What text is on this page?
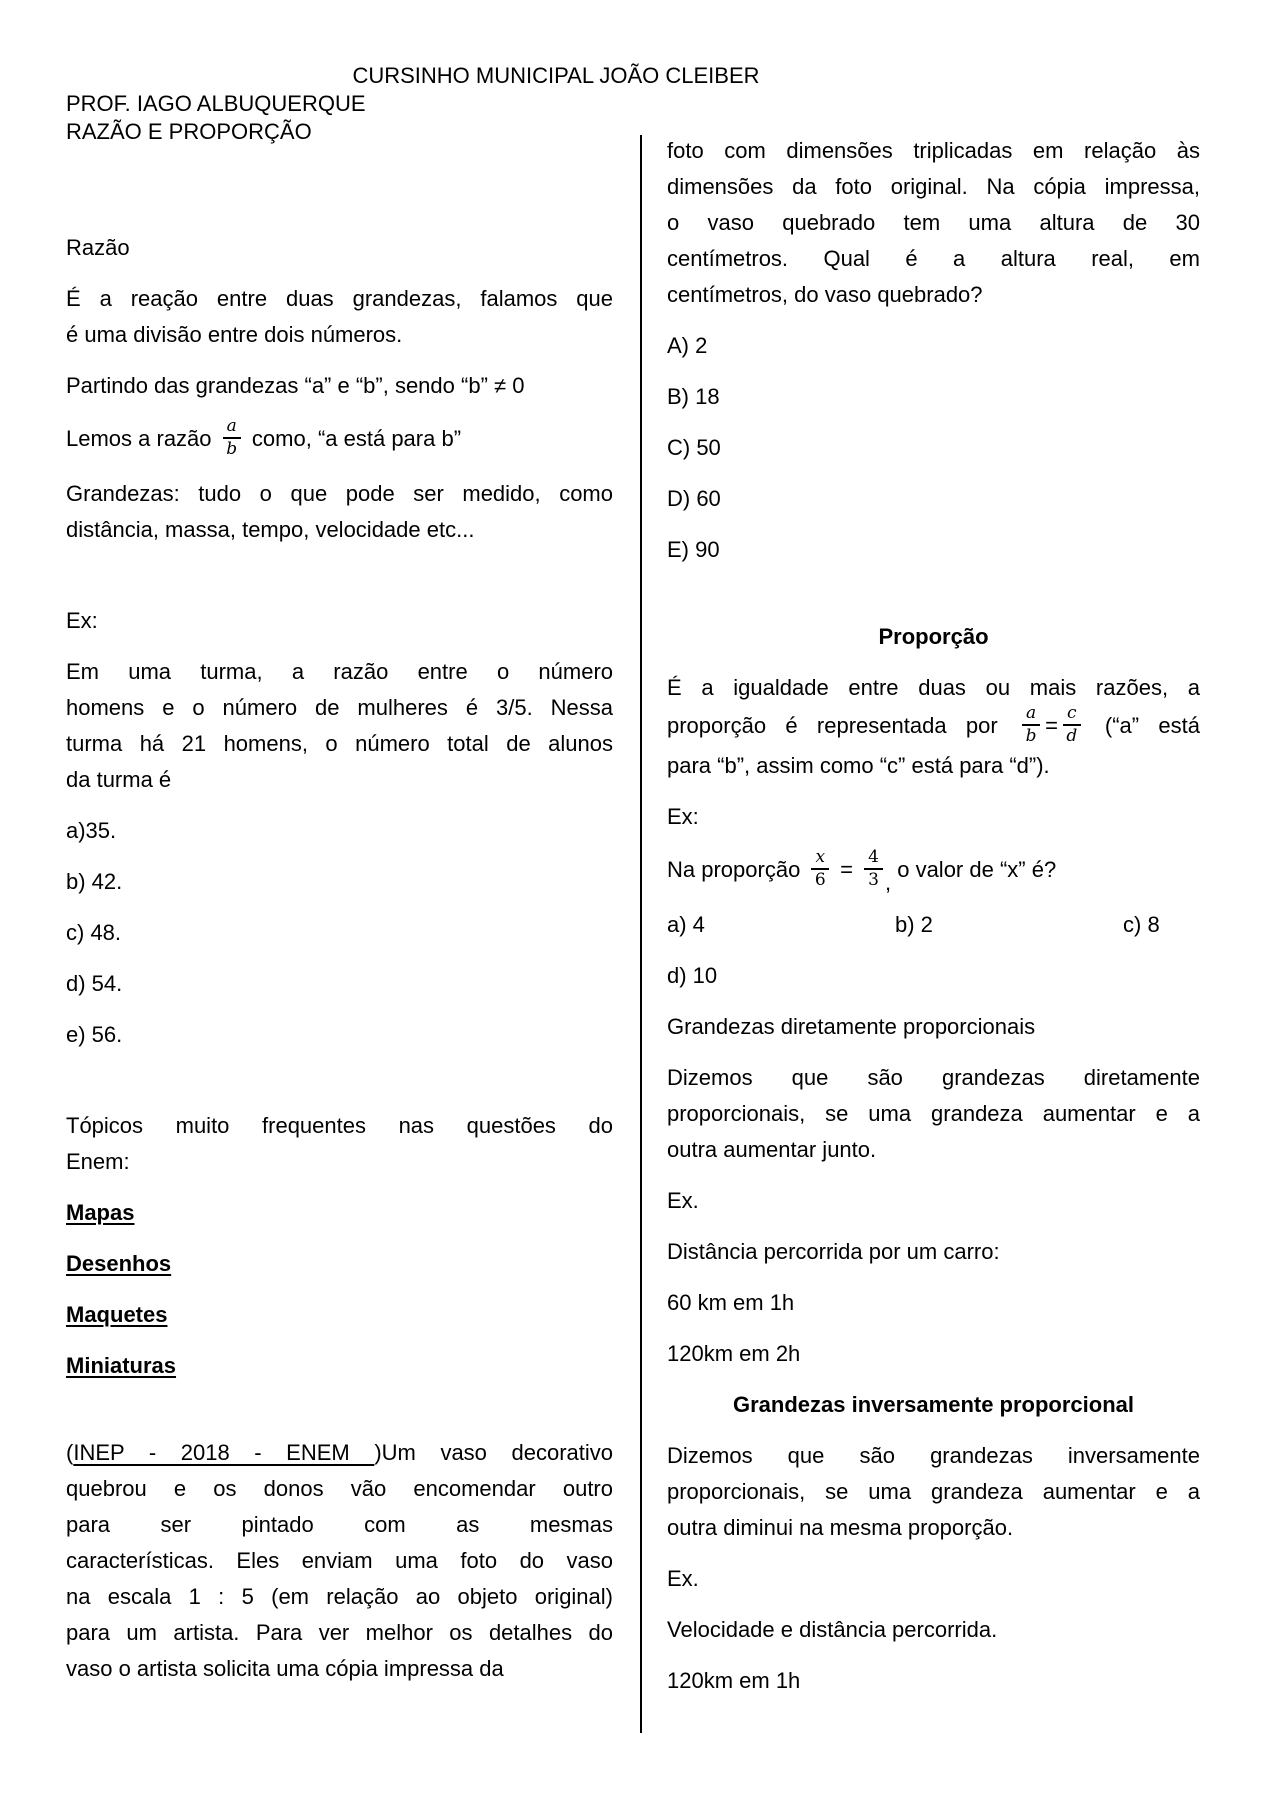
CURSINHO MUNICIPAL JOÃO CLEIBER
PROF. IAGO ALBUQUERQUE
RAZÃO E PROPORÇÃO

Razão

É a reação entre duas grandezas, falamos que
é uma divisão entre dois números.

Partindo das grandezas “a” e “b”, sendo “b” ≠ 0

Lemos a razão $\frac{a}{b}$ como, “a está para b”

Grandezas: tudo o que pode ser medido, como
distância, massa, tempo, velocidade etc...

Ex:

Em uma turma, a razão entre o número
homens e o número de mulheres é 3/5. Nessa
turma há 21 homens, o número total de alunos
da turma é

a)35.

b) 42.

c) 48.

d) 54.

e) 56.

Tópicos muito frequentes nas questões do
Enem:

Mapas

Desenhos

Maquetes

Miniaturas

(INEP - 2018 - ENEM )Um vaso decorativo
quebrou e os donos vão encomendar outro
para ser pintado com as mesmas
características. Eles enviam uma foto do vaso
na escala 1 : 5 (em relação ao objeto original)
para um artista. Para ver melhor os detalhes do
vaso o artista solicita uma cópia impressa da

foto com dimensões triplicadas em relação às
dimensões da foto original. Na cópia impressa,
o vaso quebrado tem uma altura de 30
centímetros. Qual é a altura real, em
centímetros, do vaso quebrado?

A) 2

B) 18

C) 50

D) 60

E) 90

Proporção

É a igualdade entre duas ou mais razões, a
proporção é representada por $\frac{a}{b} = \frac{c}{d}$ (“a” está
para “b”, assim como “c” está para “d”).

Ex:

Na proporção $\frac{x}{6} = \frac{4}{3}$ , o valor de “x” é?

a) 4	b) 2	c) 8

d) 10

Grandezas diretamente proporcionais

Dizemos que são grandezas diretamente
proporcionais, se uma grandeza aumentar e a
outra aumentar junto.

Ex.

Distância percorrida por um carro:

60 km em 1h

120km em 2h

Grandezas inversamente proporcional

Dizemos que são grandezas inversamente
proporcionais, se uma grandeza aumentar e a
outra diminui na mesma proporção.

Ex.

Velocidade e distância percorrida.

120km em 1h
